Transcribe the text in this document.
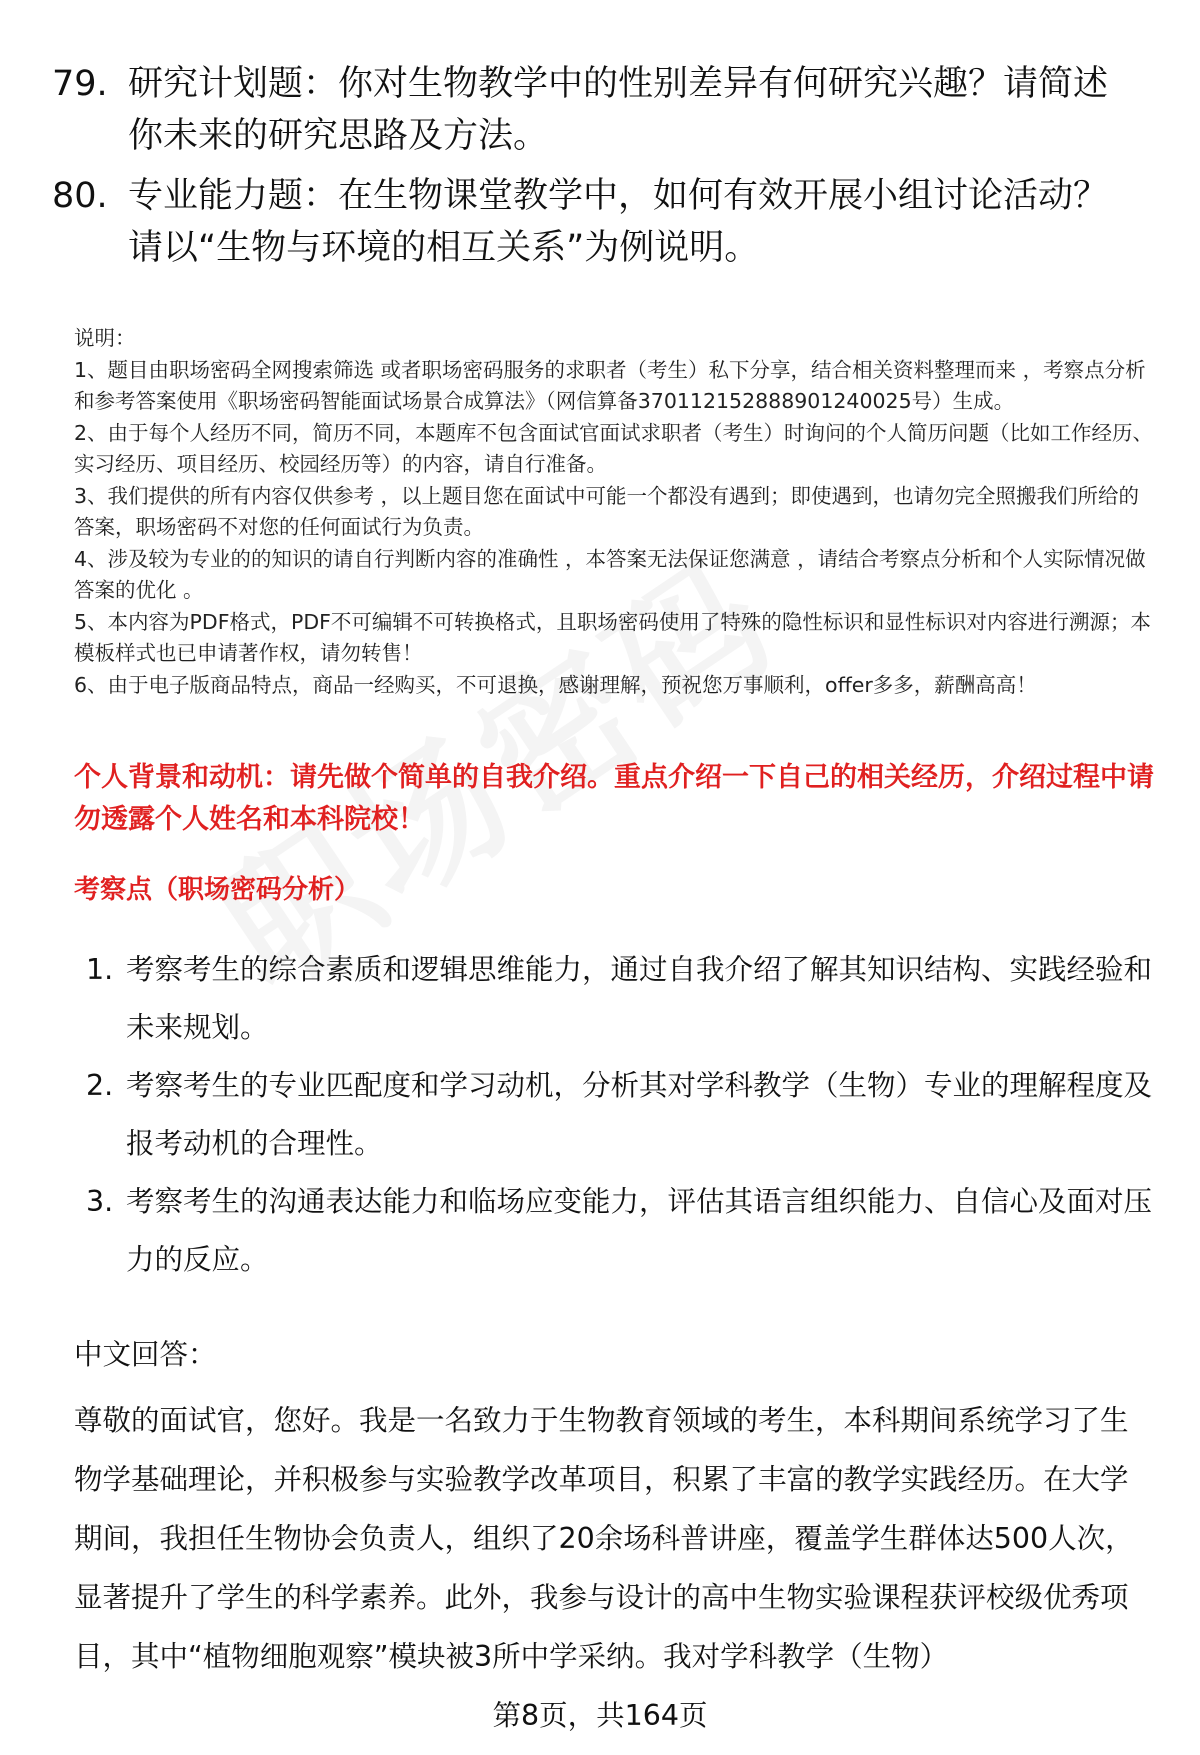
79. 研究计划题：你对生物教学中的性别差异有何研究兴趣？请简述你未来的研究思路及方法。
80. 专业能力题：在生物课堂教学中，如何有效开展小组讨论活动？请以“生物与环境的相互关系”为例说明。

说明：

1、题目由职场密码全网搜索筛选 或者职场密码服务的求职者（考生）私下分享，结合相关资料整理而来 ，考察点分析和参考答案使用《职场密码智能面试场景合成算法》（网信算备370112152888901240025号）生成。

2、由于每个人经历不同，简历不同，本题库不包含面试官面试求职者（考生）时询问的个人简历问题（比如工作经历、实习经历、项目经历、校园经历等）的内容，请自行准备。

3、我们提供的所有内容仅供参考 ，以上题目您在面试中可能一个都没有遇到；即使遇到，也请勿完全照搬我们所给的答案，职场密码不对您的任何面试行为负责。

4、涉及较为专业的的知识的请自行判断内容的准确性 ，本答案无法保证您满意 ，请结合考察点分析和个人实际情况做答案的优化 。

5、本内容为PDF格式，PDF不可编辑不可转换格式，且职场密码使用了特殊的隐性标识和显性标识对内容进行溯源；本模板样式也已申请著作权，请勿转售！

6、由于电子版商品特点，商品一经购买，不可退换，感谢理解，预祝您万事顺利，offer多多，薪酬高高！

个人背景和动机：请先做个简单的自我介绍。重点介绍一下自己的相关经历，介绍过程中请勿透露个人姓名和本科院校！
考察点（职场密码分析）
1. 考察考生的综合素质和逻辑思维能力，通过自我介绍了解其知识结构、实践经验和未来规划。
2. 考察考生的专业匹配度和学习动机，分析其对学科教学（生物）专业的理解程度及报考动机的合理性。
3. 考察考生的沟通表达能力和临场应变能力，评估其语言组织能力、自信心及面对压力的反应。
中文回答：

尊敬的面试官，您好。我是一名致力于生物教育领域的考生，本科期间系统学习了生物学基础理论，并积极参与实验教学改革项目，积累了丰富的教学实践经历。在大学期间，我担任生物协会负责人，组织了20余场科普讲座，覆盖学生群体达500人次，显著提升了学生的科学素养。此外，我参与设计的高中生物实验课程获评校级优秀项目，其中“植物细胞观察”模块被3所中学采纳。我对学科教学（生物）

第8页，共164页
